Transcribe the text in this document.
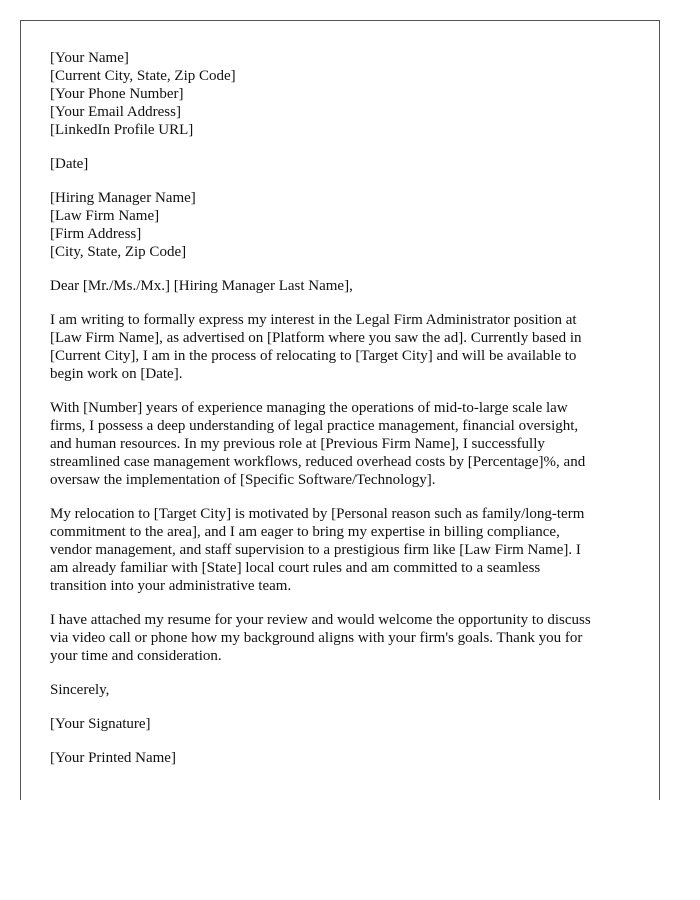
[Your Name]
[Current City, State, Zip Code]
[Your Phone Number]
[Your Email Address]
[LinkedIn Profile URL]
[Date]
[Hiring Manager Name]
[Law Firm Name]
[Firm Address]
[City, State, Zip Code]

Dear [Mr./Ms./Mx.] [Hiring Manager Last Name],

I am writing to formally express my interest in the Legal Firm Administrator position at
[Law Firm Name], as advertised on [Platform where you saw the ad]. Currently based in
[Current City], I am in the process of relocating to [Target City] and will be available to
begin work on [Date].

With [Number] years of experience managing the operations of mid-to-large scale law
firms, I possess a deep understanding of legal practice management, financial oversight,
and human resources. In my previous role at [Previous Firm Name], I successfully
streamlined case management workflows, reduced overhead costs by [Percentage]%, and
oversaw the implementation of [Specific Software/Technology].

My relocation to [Target City] is motivated by [Personal reason such as family/long-term
commitment to the area], and I am eager to bring my expertise in billing compliance,
vendor management, and staff supervision to a prestigious firm like [Law Firm Name]. I
am already familiar with [State] local court rules and am committed to a seamless
transition into your administrative team.

I have attached my resume for your review and would welcome the opportunity to discuss
via video call or phone how my background aligns with your firm's goals. Thank you for
your time and consideration.

Sincerely,

[Your Signature]

[Your Printed Name]
